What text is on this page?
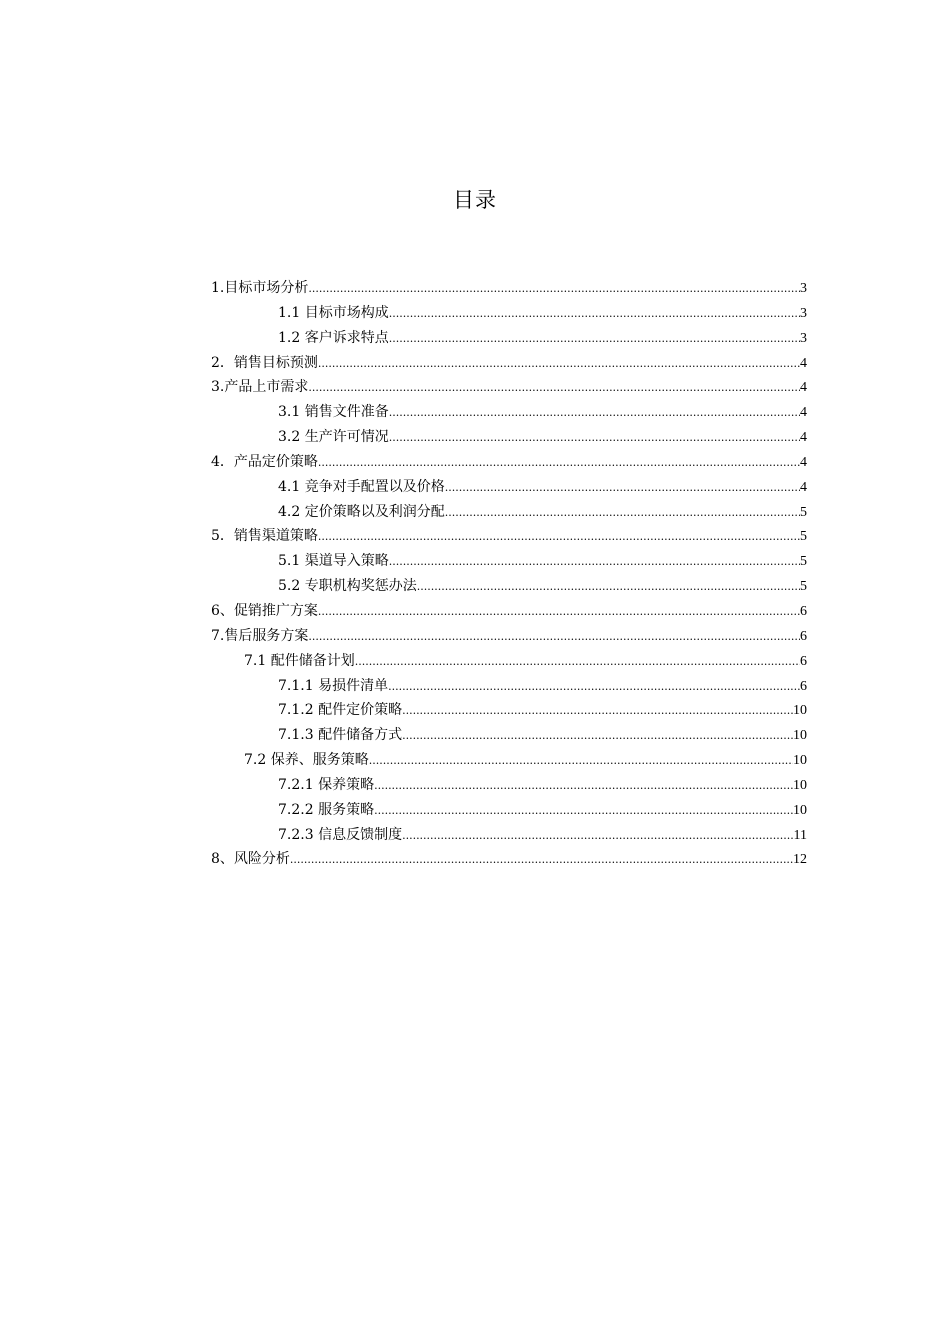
目录
1.目标市场分析 .....	3
1.1 目标市场构成 .....	3
1.2 客户诉求特点 .....	3
2．销售目标预测 .....	4
3.产品上市需求 .....	4
3.1 销售文件准备 .....	4
3.2 生产许可情况 .....	4
4．产品定价策略 .....	4
4.1 竞争对手配置以及价格 .....	4
4.2 定价策略以及利润分配 .....	5
5．销售渠道策略 .....	5
5.1 渠道导入策略 .....	5
5.2 专职机构奖惩办法 .....	5
6、促销推广方案 .....	6
7.售后服务方案 .....	6
7.1 配件储备计划 .....	6
7.1.1 易损件清单 .....	6
7.1.2 配件定价策略 .....	10
7.1.3 配件储备方式 .....	10
7.2 保养、服务策略 .....	10
7.2.1 保养策略 .....	10
7.2.2 服务策略 .....	10
7.2.3 信息反馈制度 .....	11
8、风险分析 .....	12
